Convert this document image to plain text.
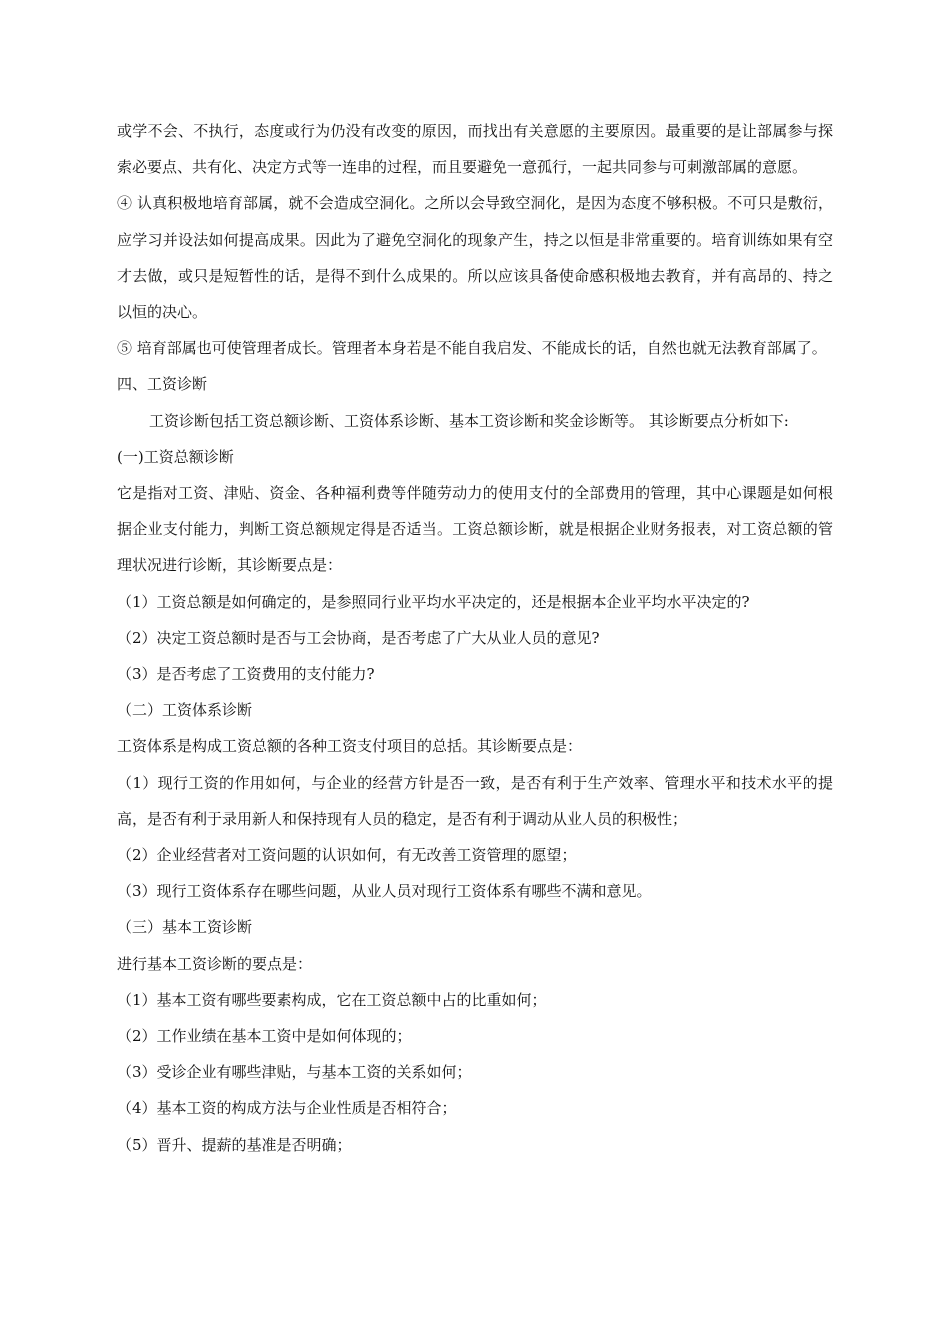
或学不会、不执行，态度或行为仍没有改变的原因，而找出有关意愿的主要原因。最重要的是让部属参与探索必要点、共有化、决定方式等一连串的过程，而且要避免一意孤行，一起共同参与可刺激部属的意愿。

④ 认真积极地培育部属，就不会造成空洞化。之所以会导致空洞化，是因为态度不够积极。不可只是敷衍，应学习并设法如何提高成果。因此为了避免空洞化的现象产生，持之以恒是非常重要的。培育训练如果有空才去做，或只是短暂性的话，是得不到什么成果的。所以应该具备使命感积极地去教育，并有高昂的、持之以恒的决心。

⑤ 培育部属也可使管理者成长。管理者本身若是不能自我启发、不能成长的话，自然也就无法教育部属了。

四、工资诊断

工资诊断包括工资总额诊断、工资体系诊断、基本工资诊断和奖金诊断等。 其诊断要点分析如下:

(一)工资总额诊断

它是指对工资、津贴、资金、各种福利费等伴随劳动力的使用支付的全部费用的管理，其中心课题是如何根据企业支付能力，判断工资总额规定得是否适当。工资总额诊断，就是根据企业财务报表，对工资总额的管理状况进行诊断，其诊断要点是：

（1）工资总额是如何确定的，是参照同行业平均水平决定的，还是根据本企业平均水平决定的?

（2）决定工资总额时是否与工会协商，是否考虑了广大从业人员的意见?

（3）是否考虑了工资费用的支付能力?

（二）工资体系诊断

工资体系是构成工资总额的各种工资支付项目的总括。其诊断要点是：

（1）现行工资的作用如何，与企业的经营方针是否一致，是否有利于生产效率、管理水平和技术水平的提高，是否有利于录用新人和保持现有人员的稳定，是否有利于调动从业人员的积极性；

（2）企业经营者对工资问题的认识如何，有无改善工资管理的愿望；

（3）现行工资体系存在哪些问题，从业人员对现行工资体系有哪些不满和意见。

（三）基本工资诊断

进行基本工资诊断的要点是：

（1）基本工资有哪些要素构成，它在工资总额中占的比重如何；

（2）工作业绩在基本工资中是如何体现的；

（3）受诊企业有哪些津贴，与基本工资的关系如何；

（4）基本工资的构成方法与企业性质是否相符合；

（5）晋升、提薪的基准是否明确；
